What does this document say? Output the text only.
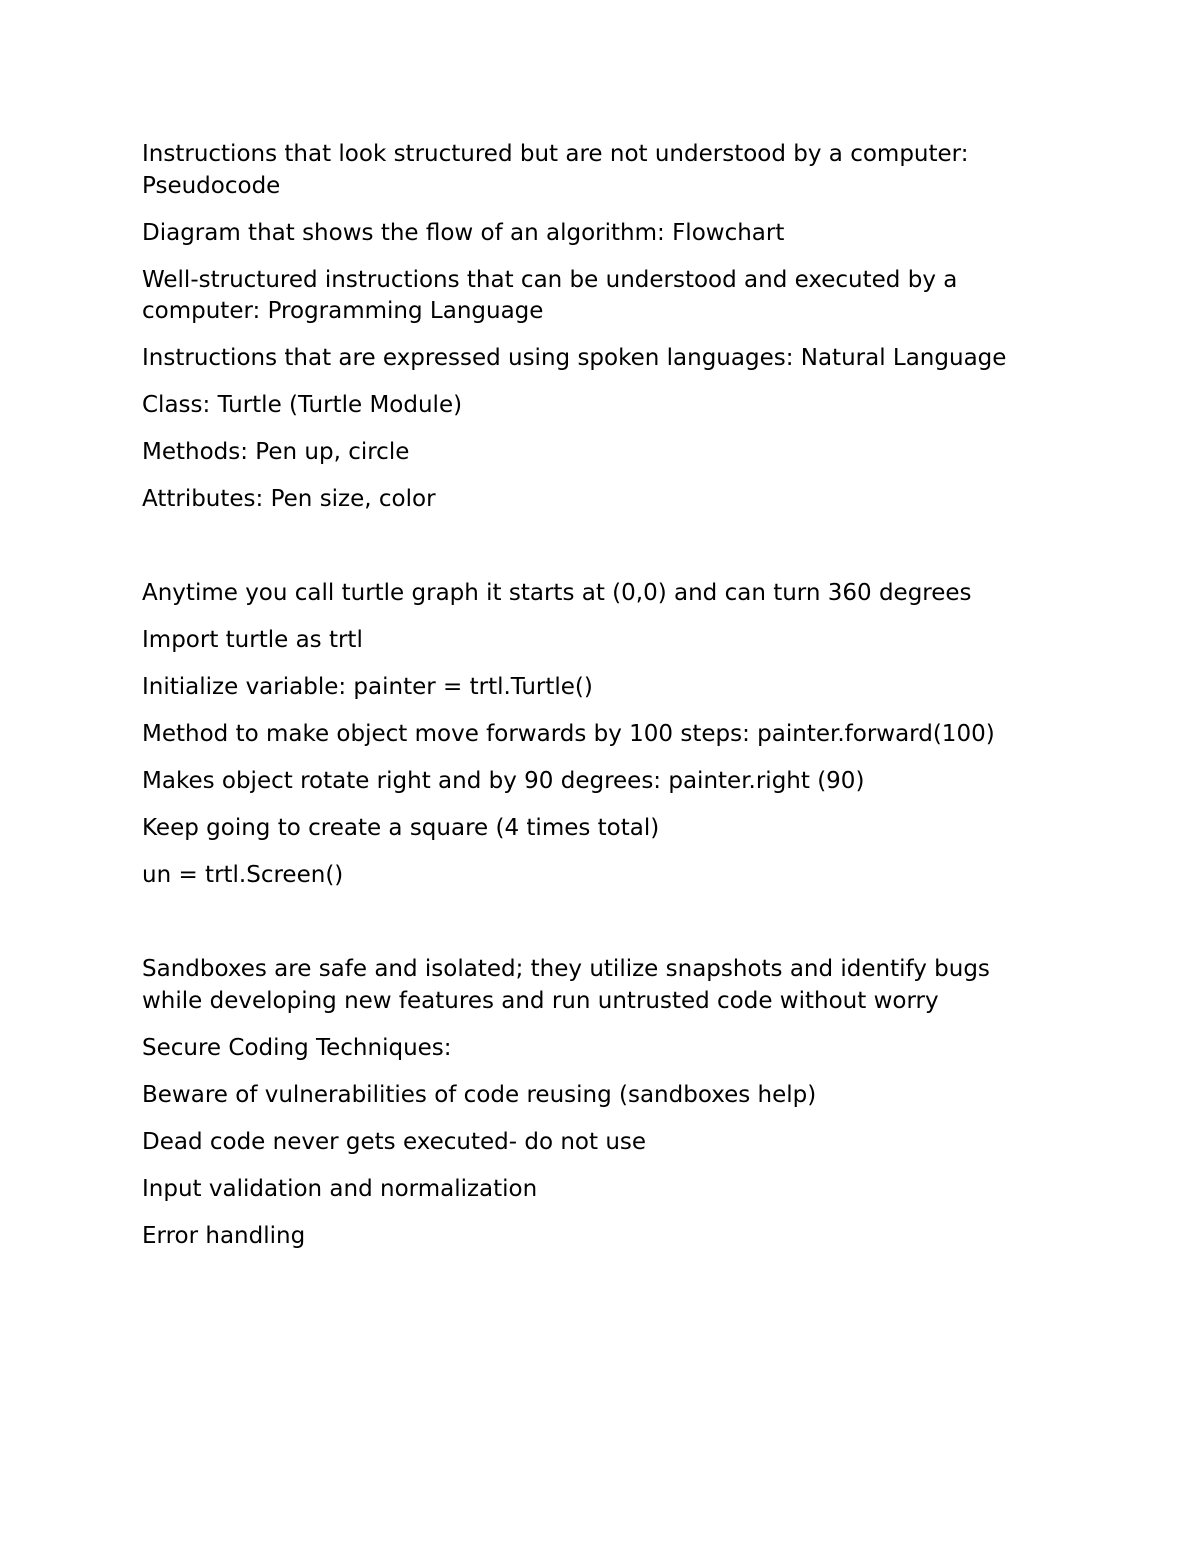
Instructions that look structured but are not understood by a computer: Pseudocode

Diagram that shows the flow of an algorithm: Flowchart

Well-structured instructions that can be understood and executed by a computer: Programming Language

Instructions that are expressed using spoken languages: Natural Language

Class: Turtle (Turtle Module)

Methods: Pen up, circle

Attributes: Pen size, color

Anytime you call turtle graph it starts at (0,0) and can turn 360 degrees

Import turtle as trtl

Initialize variable: painter = trtl.Turtle()

Method to make object move forwards by 100 steps: painter.forward(100)

Makes object rotate right and by 90 degrees: painter.right (90)

Keep going to create a square (4 times total)

un = trtl.Screen()

Sandboxes are safe and isolated; they utilize snapshots and identify bugs while developing new features and run untrusted code without worry

Secure Coding Techniques:

Beware of vulnerabilities of code reusing (sandboxes help)

Dead code never gets executed- do not use

Input validation and normalization

Error handling
